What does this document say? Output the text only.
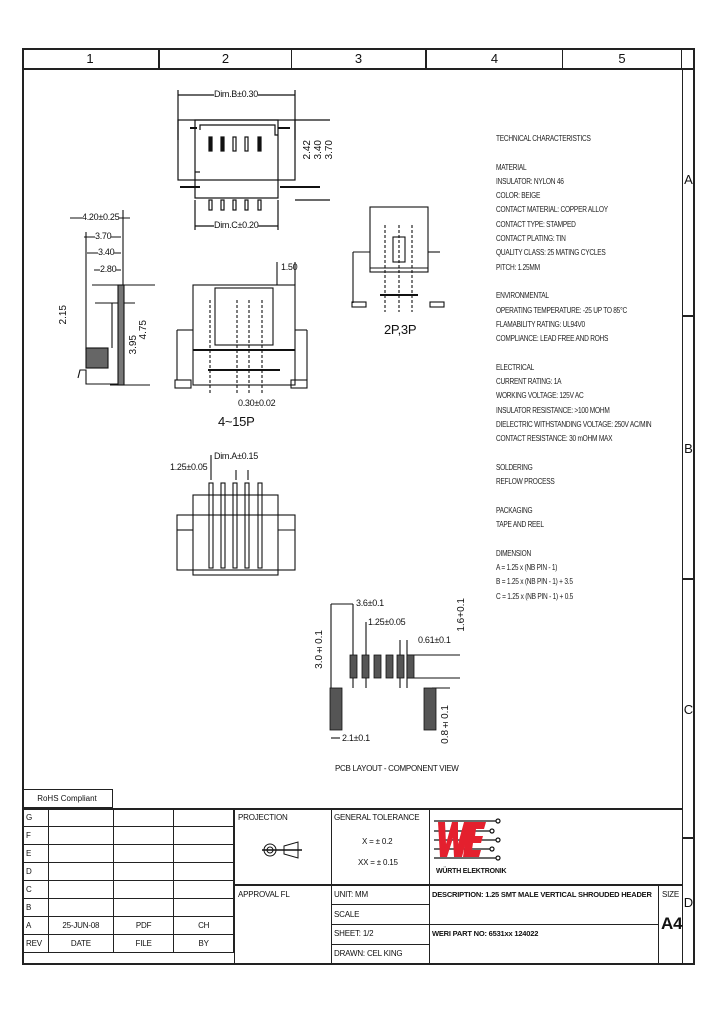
1	2	3	4	5
A
B
C
D
Dim.B±0.30
Dim.C±0.20
2.42 3.40 3.70
4.20±0.25
3.70
3.40
2.80
2.15
3.95
4.75
1.50
0.30±0.02
4~15P
2P,3P
1.25±0.05
Dim.A±0.15
3.6±0.1
1.25±0.05
0.61±0.1
1.6+0.1
3.0±0.1
2.1±0.1	0.8±0.1
PCB LAYOUT - COMPONENT VIEW
TECHNICAL CHARACTERISTICS

MATERIAL
INSULATOR: NYLON 46
COLOR: BEIGE
CONTACT MATERIAL: COPPER ALLOY
CONTACT TYPE: STAMPED
CONTACT PLATING: TIN
QUALITY CLASS: 25 MATING CYCLES
PITCH: 1.25MM

ENVIRONMENTAL
OPERATING TEMPERATURE: -25 UP TO 85°C
FLAMABILITY RATING: UL94V0
COMPLIANCE: LEAD FREE AND ROHS

ELECTRICAL
CURRENT RATING: 1A
WORKING VOLTAGE: 125V AC
INSULATOR RESISTANCE: >100 MOHM
DIELECTRIC WITHSTANDING VOLTAGE: 250V AC/MIN
CONTACT RESISTANCE: 30 mOHM MAX

SOLDERING
REFLOW PROCESS

PACKAGING
TAPE AND REEL

DIMENSION
A = 1.25 x (NB PIN - 1)
B = 1.25 x (NB PIN - 1) + 3.5
C = 1.25 x (NB PIN - 1) + 0.5
RoHS Compliant
G			
F			
E			
D			
C			
B			
A	25-JUN-08	PDF	CH
REV	DATE	FILE	BY
PROJECTION
APPROVAL FL
GENERAL TOLERANCE
X = ± 0.2
XX = ± 0.15
WÜRTH ELEKTRONIK
UNIT: MM
SCALE
SHEET: 1/2
DRAWN: CEL KING
DESCRIPTION: 1.25 SMT MALE VERTICAL SHROUDED HEADER
WERI PART NO: 6531xx 124022
SIZE
A4
